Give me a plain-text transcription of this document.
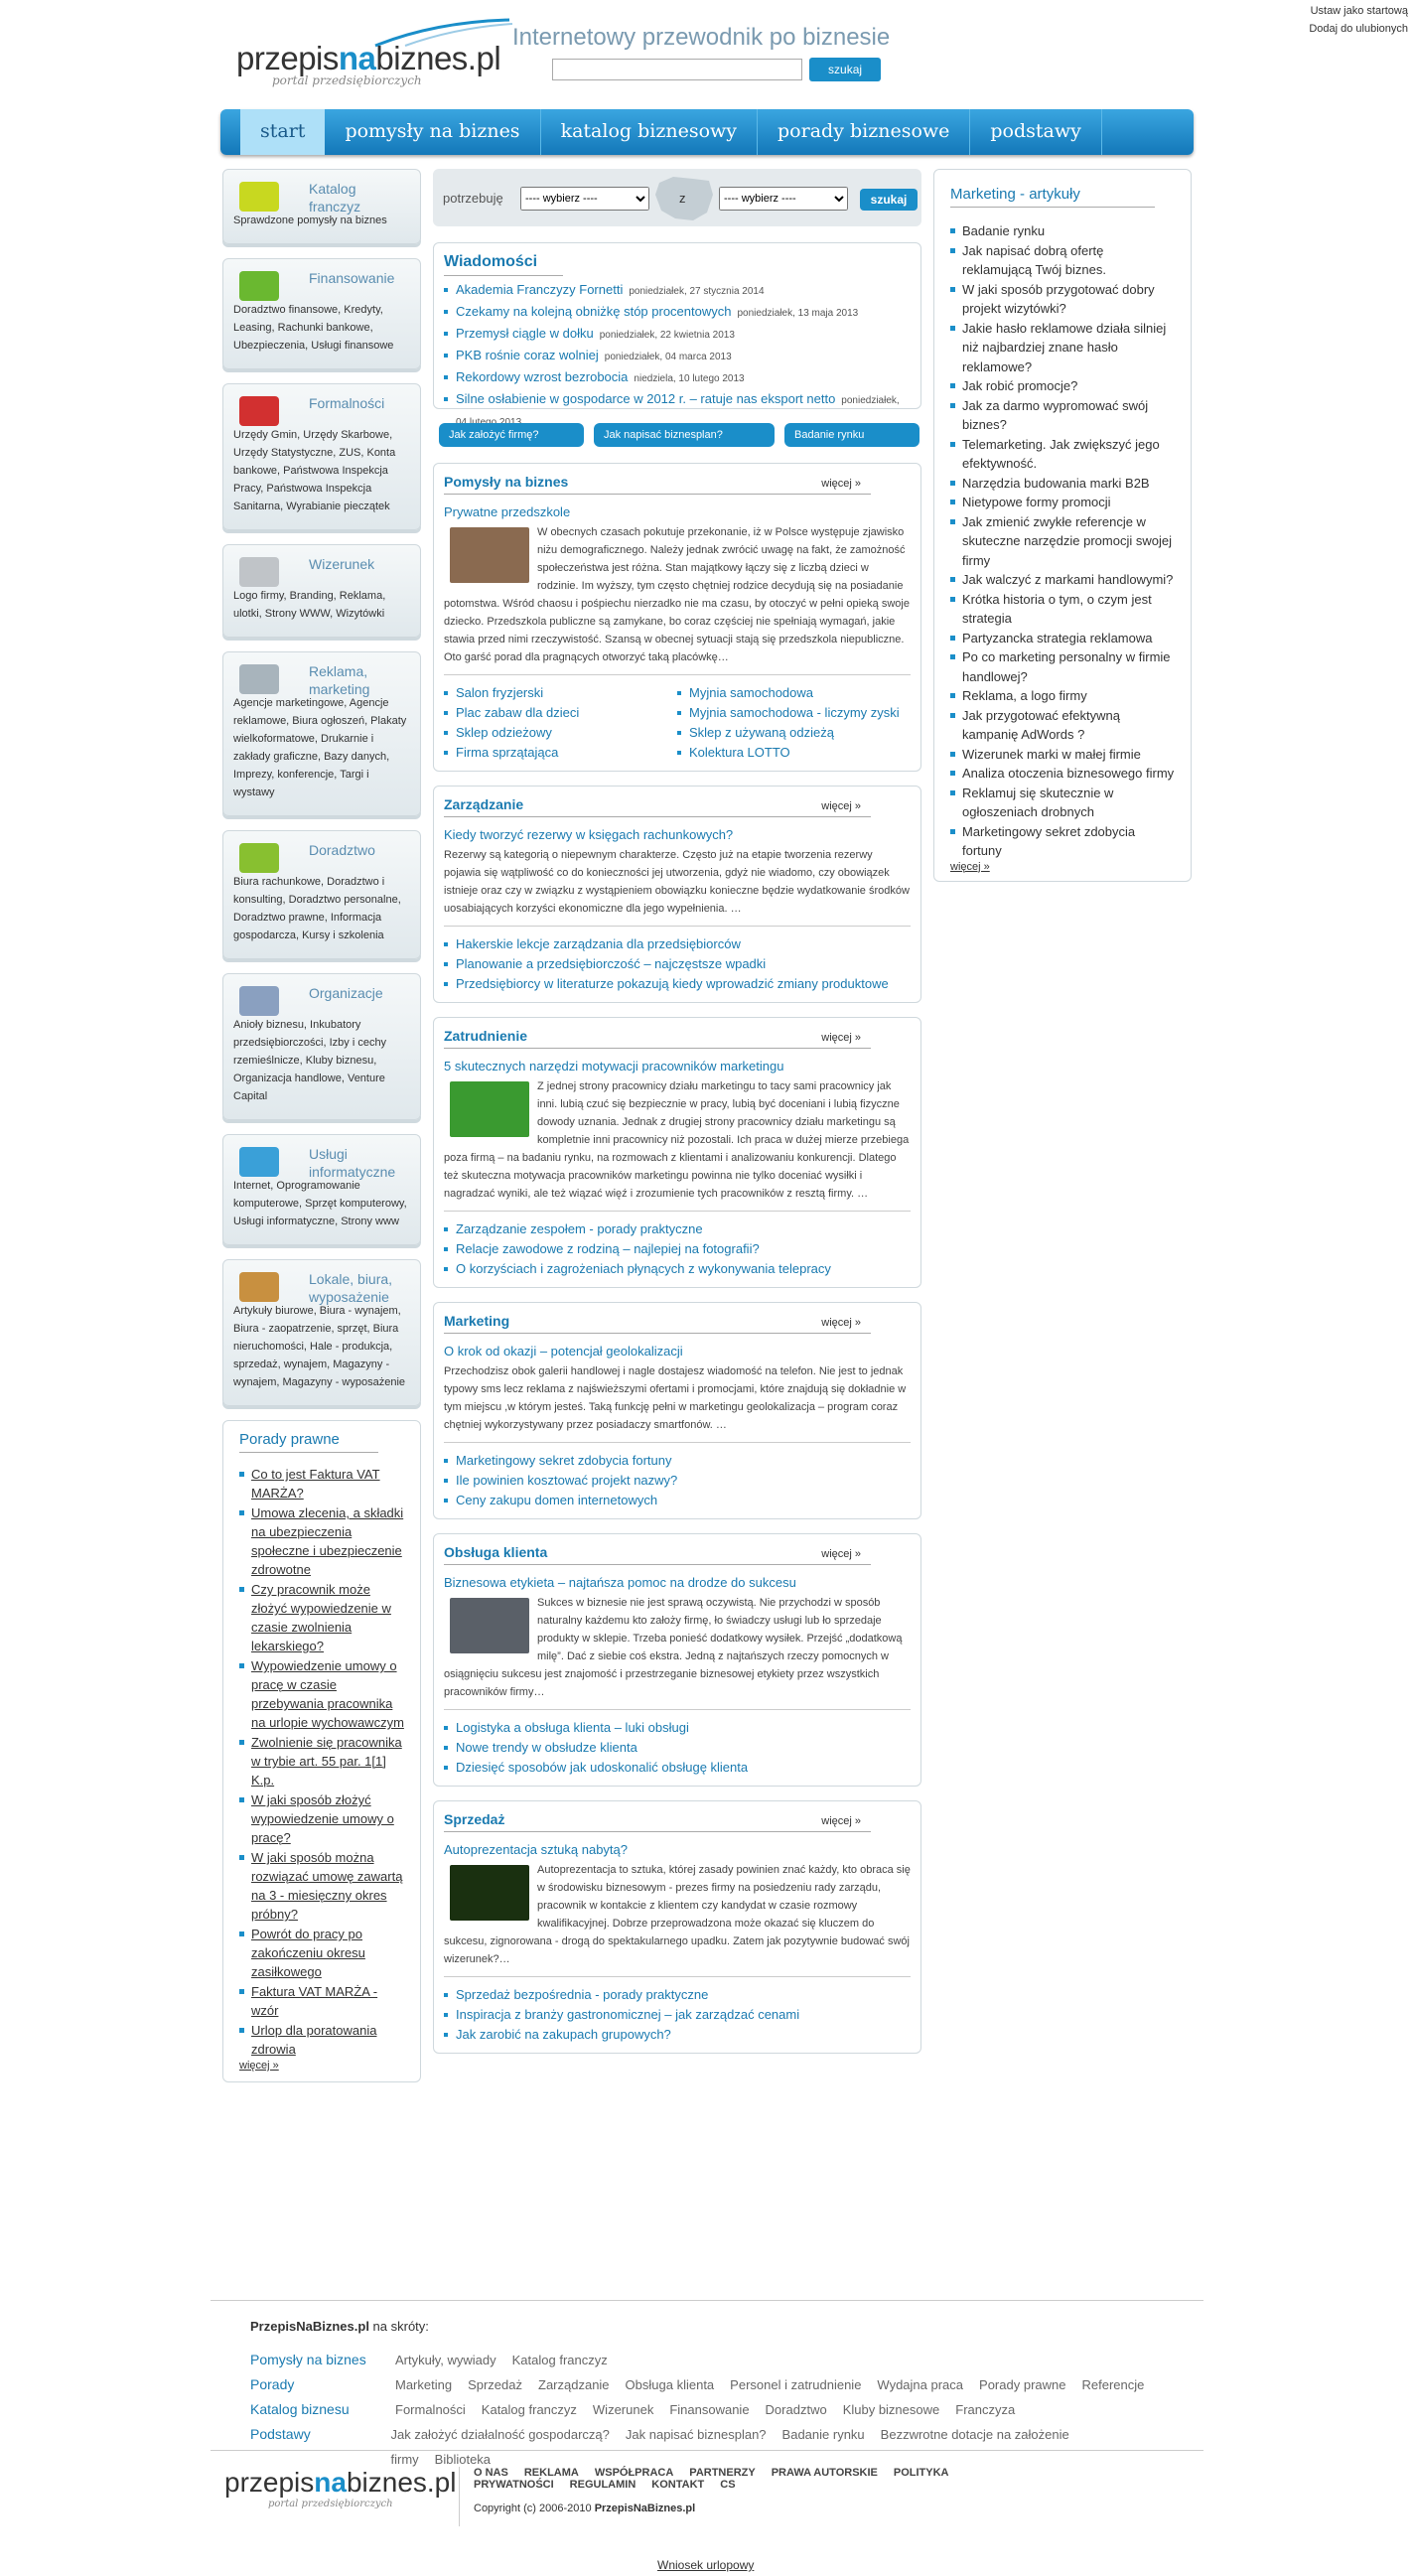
Ustaw jako startową
Dodaj do ulubionych
przepisnabiznes.pl
portal przedsiębiorczych
Internetowy przewodnik po biznesie
szukaj
start	pomysły na biznes	katalog biznesowy	porady biznesowe	podstawy
Katalog franczyz
Sprawdzone pomysły na biznes
Finansowanie
Doradztwo finansowe, Kredyty, Leasing, Rachunki bankowe, Ubezpieczenia, Usługi finansowe
Formalności
Urzędy Gmin, Urzędy Skarbowe, Urzędy Statystyczne, ZUS, Konta bankowe, Państwowa Inspekcja Pracy, Państwowa Inspekcja Sanitarna, Wyrabianie pieczątek
Wizerunek
Logo firmy, Branding, Reklama, ulotki, Strony WWW, Wizytówki
Reklama, marketing
Agencje marketingowe, Agencje reklamowe, Biura ogłoszeń, Plakaty wielkoformatowe, Drukarnie i zakłady graficzne, Bazy danych, Imprezy, konferencje, Targi i wystawy
Doradztwo
Biura rachunkowe, Doradztwo i konsulting, Doradztwo personalne, Doradztwo prawne, Informacja gospodarcza, Kursy i szkolenia
Organizacje
Anioły biznesu, Inkubatory przedsiębiorczości, Izby i cechy rzemieślnicze, Kluby biznesu, Organizacja handlowe, Venture Capital
Usługi informatyczne
Internet, Oprogramowanie komputerowe, Sprzęt komputerowy, Usługi informatyczne, Strony www
Lokale, biura, wyposażenie
Artykuły biurowe, Biura - wynajem, Biura - zaopatrzenie, sprzęt, Biura nieruchomości, Hale - produkcja, sprzedaż, wynajem, Magazyny - wynajem, Magazyny - wyposażenie
Porady prawne
Co to jest Faktura VAT MARŻA?
Umowa zlecenia, a składki na ubezpieczenia społeczne i ubezpieczenie zdrowotne
Czy pracownik może złożyć wypowiedzenie w czasie zwolnienia lekarskiego?
Wypowiedzenie umowy o pracę w czasie przebywania pracownika na urlopie wychowawczym
Zwolnienie się pracownika w trybie art. 55 par. 1[1] K.p.
W jaki sposób złożyć wypowiedzenie umowy o pracę?
W jaki sposób można rozwiązać umowę zawartą na 3 - miesięczny okres próbny?
Powrót do pracy po zakończeniu okresu zasiłkowego
Faktura VAT MARŻA - wzór
Urlop dla poratowania zdrowia
więcej »
potrzebuję
---- wybierz ----	z
---- wybierz ----	szukaj
Wiadomości
Akademia Franczyzy Fornetti poniedziałek, 27 stycznia 2014
Czekamy na kolejną obniżkę stóp procentowych poniedziałek, 13 maja 2013
Przemysł ciągle w dołku poniedziałek, 22 kwietnia 2013
PKB rośnie coraz wolniej poniedziałek, 04 marca 2013
Rekordowy wzrost bezrobocia niedziela, 10 lutego 2013
Silne osłabienie w gospodarce w 2012 r. – ratuje nas eksport netto poniedziałek,
Jak założyć firmę?	Jak napisać biznesplan?	Badanie rynku
Pomysły na biznes	więcej »
Prywatne przedszkole
W obecnych czasach pokutuje przekonanie, iż w Polsce występuje zjawisko niżu demograficznego. Należy jednak zwrócić uwagę na fakt, że zamożność społeczeństwa jest różna. Stan majątkowy łączy się z liczbą dzieci w rodzinie. Im wyższy, tym często chętniej rodzice decydują się na posiadanie potomstwa. Wśród chaosu i pośpiechu nierzadko nie ma czasu, by otoczyć w pełni opieką swoje dziecko. Przedszkola publiczne są zamykane, bo coraz częściej nie spełniają wymagań, jakie stawia przed nimi rzeczywistość. Szansą w obecnej sytuacji stają się przedszkola niepubliczne. Oto garść porad dla pragnących otworzyć taką placówkę…
Salon fryzjerski
Plac zabaw dla dzieci
Sklep odzieżowy
Firma sprzątająca
Myjnia samochodowa
Myjnia samochodowa - liczymy zyski
Sklep z używaną odzieżą
Kolektura LOTTO
Zarządzanie	więcej »
Kiedy tworzyć rezerwy w księgach rachunkowych?
Rezerwy są kategorią o niepewnym charakterze. Często już na etapie tworzenia rezerwy pojawia się wątpliwość co do konieczności jej utworzenia, gdyż nie wiadomo, czy obowiązek istnieje oraz czy w związku z wystąpieniem obowiązku konieczne będzie wydatkowanie środków uosabiających korzyści ekonomiczne dla jego wypełnienia. …
Hakerskie lekcje zarządzania dla przedsiębiorców
Planowanie a przedsiębiorczość – najczęstsze wpadki
Przedsiębiorcy w literaturze pokazują kiedy wprowadzić zmiany produktowe
Zatrudnienie	więcej »
5 skutecznych narzędzi motywacji pracowników marketingu
Z jednej strony pracownicy działu marketingu to tacy sami pracownicy jak inni. lubią czuć się bezpiecznie w pracy, lubią być doceniani i lubią fizyczne dowody uznania. Jednak z drugiej strony pracownicy działu marketingu są kompletnie inni pracownicy niż pozostali. Ich praca w dużej mierze przebiega poza firmą – na badaniu rynku, na rozmowach z klientami i analizowaniu konkurencji. Dlatego też skuteczna motywacja pracowników marketingu powinna nie tylko doceniać wysiłki i nagradzać wyniki, ale też wiązać więź i zrozumienie tych pracowników z resztą firmy. …
Zarządzanie zespołem - porady praktyczne
Relacje zawodowe z rodziną – najlepiej na fotografii?
O korzyściach i zagrożeniach płynących z wykonywania telepracy
Marketing	więcej »
O krok od okazji – potencjał geolokalizacji
Przechodzisz obok galerii handlowej i nagle dostajesz wiadomość na telefon. Nie jest to jednak typowy sms lecz reklama z najświeższymi ofertami i promocjami, które znajdują się dokładnie w tym miejscu ,w którym jesteś. Taką funkcję pełni w marketingu geolokalizacja – program coraz chętniej wykorzystywany przez posiadaczy smartfonów. …
Marketingowy sekret zdobycia fortuny
Ile powinien kosztować projekt nazwy?
Ceny zakupu domen internetowych
Obsługa klienta	więcej »
Biznesowa etykieta – najtańsza pomoc na drodze do sukcesu
Sukces w biznesie nie jest sprawą oczywistą. Nie przychodzi w sposób naturalny każdemu kto założy firmę, ło świadczy usługi lub ło sprzedaje produkty w sklepie. Trzeba ponieść dodatkowy wysiłek. Przejść „dodatkową milę”. Dać z siebie coś ekstra. Jedną z najtańszych rzeczy pomocnych w osiągnięciu sukcesu jest znajomość i przestrzeganie biznesowej etykiety przez wszystkich pracowników firmy…
Logistyka a obsługa klienta – luki obsługi
Nowe trendy w obsłudze klienta
Dziesięć sposobów jak udoskonalić obsługę klienta
Sprzedaż	więcej »
Autoprezentacja sztuką nabytą?
Autoprezentacja to sztuka, której zasady powinien znać każdy, kto obraca się w środowisku biznesowym - prezes firmy na posiedzeniu rady zarządu, pracownik w kontakcie z klientem czy kandydat w czasie rozmowy kwalifikacyjnej. Dobrze przeprowadzona może okazać się kluczem do sukcesu, zignorowana - drogą do spektakularnego upadku. Zatem jak pozytywnie budować swój wizerunek?…
Sprzedaż bezpośrednia - porady praktyczne
Inspiracja z branży gastronomicznej – jak zarządzać cenami
Jak zarobić na zakupach grupowych?
Marketing - artykuły
Badanie rynku
Jak napisać dobrą ofertę reklamującą Twój biznes.
W jaki sposób przygotować dobry projekt wizytówki?
Jakie hasło reklamowe działa silniej niż najbardziej znane hasło reklamowe?
Jak robić promocje?
Jak za darmo wypromować swój biznes?
Telemarketing. Jak zwiększyć jego efektywność.
Narzędzia budowania marki B2B
Nietypowe formy promocji
Jak zmienić zwykłe referencje w skuteczne narzędzie promocji swojej firmy
Jak walczyć z markami handlowymi?
Krótka historia o tym, o czym jest strategia
Partyzancka strategia reklamowa
Po co marketing personalny w firmie handlowej?
Reklama, a logo firmy
Jak przygotować efektywną kampanię AdWords ?
Wizerunek marki w małej firmie
Analiza otoczenia biznesowego firmy
Reklamuj się skutecznie w ogłoszeniach drobnych
Marketingowy sekret zdobycia fortuny
więcej »
PrzepisNaBiznes.pl na skróty:
Pomysły na biznes	Artykuły, wywiady Katalog franczyz
Porady	Marketing Sprzedaż Zarządzanie Obsługa klienta Personel i zatrudnienie Wydajna praca Porady prawne Referencje
Katalog biznesu	Formalności Katalog franczyz Wizerunek Finansowanie Doradztwo Kluby biznesowe Franczyza
Podstawy	Jak założyć działalność gospodarczą? Jak napisać biznesplan? Badanie rynku Bezzwrotne dotacje na założenie firmy Biblioteka
przepisnabiznes.pl
portal przedsiębiorczych
O NAS REKLAMA WSPÓŁPRACA PARTNERZY PRAWA AUTORSKIE POLITYKA PRYWATNOŚCI REGULAMIN KONTAKT CS
Copyright (c) 2006-2010 PrzepisNaBiznes.pl
Wniosek urlopowy
